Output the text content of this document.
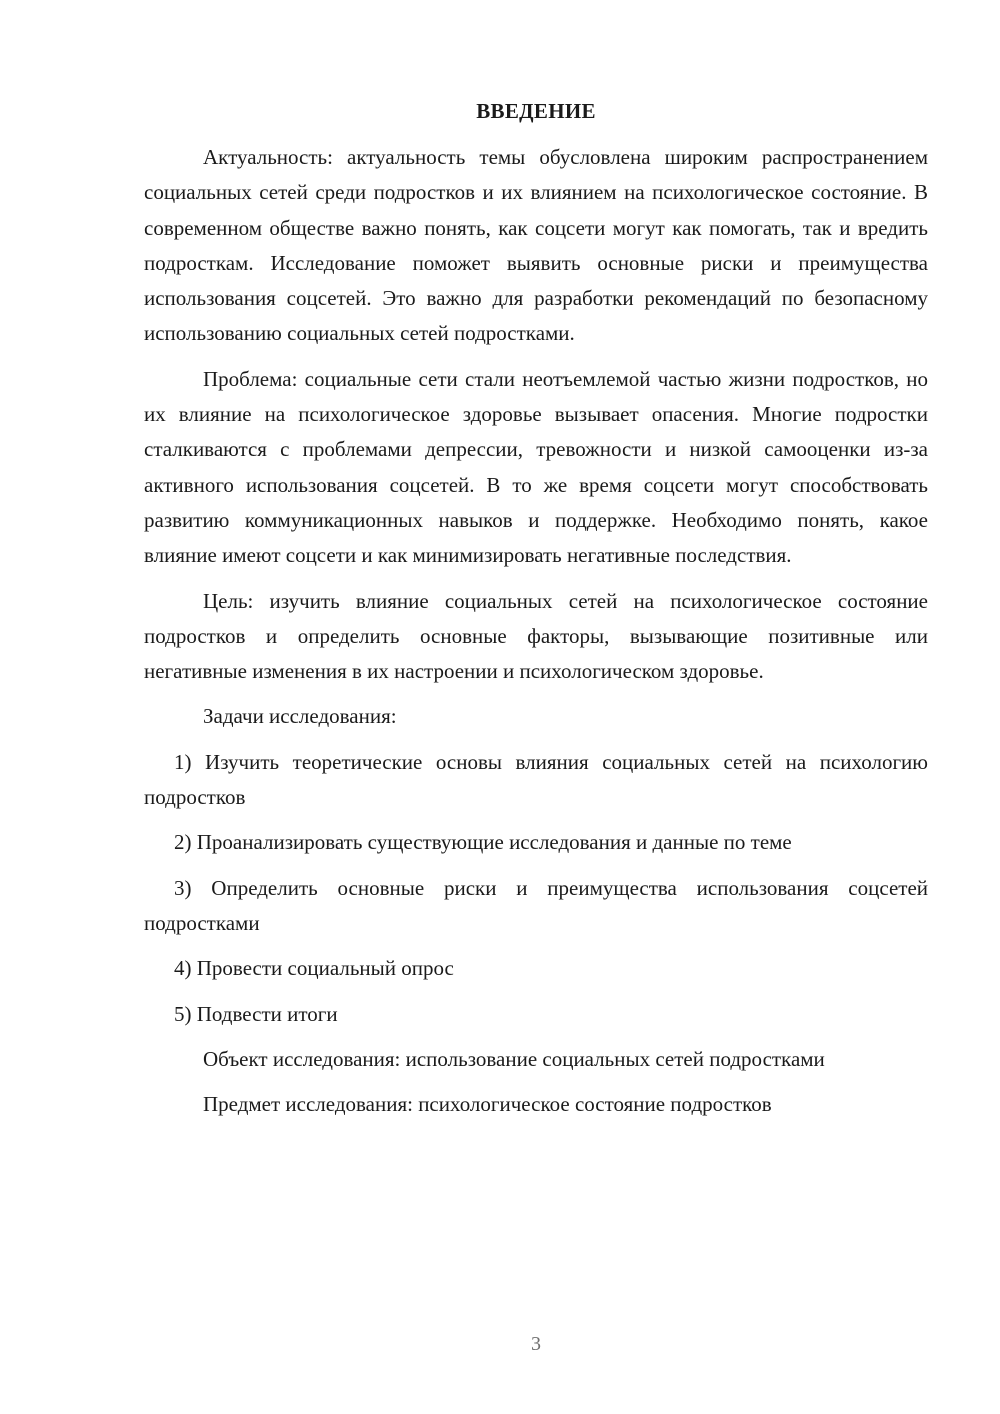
ВВЕДЕНИЕ

Актуальность: актуальность темы обусловлена широким распространением социальных сетей среди подростков и их влиянием на психологическое состояние. В современном обществе важно понять, как соцсети могут как помогать, так и вредить подросткам. Исследование поможет выявить основные риски и преимущества использования соцсетей. Это важно для разработки рекомендаций по безопасному использованию социальных сетей подростками.

Проблема: социальные сети стали неотъемлемой частью жизни подростков, но их влияние на психологическое здоровье вызывает опасения. Многие подростки сталкиваются с проблемами депрессии, тревожности и низкой самооценки из-за активного использования соцсетей. В то же время соцсети могут способствовать развитию коммуникационных навыков и поддержке. Необходимо понять, какое влияние имеют соцсети и как минимизировать негативные последствия.

Цель: изучить влияние социальных сетей на психологическое состояние подростков и определить основные факторы, вызывающие позитивные или негативные изменения в их настроении и психологическом здоровье.

Задачи исследования:

1) Изучить теоретические основы влияния социальных сетей на психологию подростков

2) Проанализировать существующие исследования и данные по теме

3) Определить основные риски и преимущества использования соцсетей подростками

4) Провести социальный опрос

5) Подвести итоги

Объект исследования: использование социальных сетей подростками

Предмет исследования: психологическое состояние подростков

3
